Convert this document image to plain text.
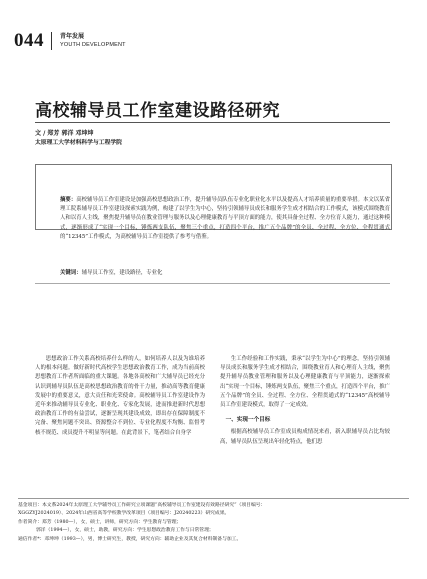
044	青年发展
YOUTH DEVELOPMENT
高校辅导员工作室建设路径研究
文 / 郑芳 郭洋 邓坤坤
太原理工大学材料科学与工程学院
摘要：高校辅导员工作室建设是加强高校思想政治工作，提升辅导员队伍专业化职业化水平以及提高人才培养质量的重要举措。本文以某省理工院系辅导员工作室建设探索实践为例，构建了以学生为中心，坚持引领辅导员成长和服务学生成才相结合的工作模式，该模式围绕教育人和以育人主线，聚焦提升辅导员在教业管理与服务以及心理健康教育与平顶方面的能力，使其具备全过程、全方位育人能力，通过这种模式，逐渐形成了“实现一个目标，锤炼两支队伍，聚焦三个重点，打造四个平台，推广五个品牌”的全员、全过程、全方位、全程贯通式的“12345”工作模式，为高校辅导员工作室提供了参考与借鉴。
关键词：辅导员工作室，建设路径，专业化

思想政治工作关系高校培养什么样的人，如何培养人以及为谁培养人的根本问题。做好新时代高校学生思想政治教育工作，成为当前高校思想教育工作者所面临的重大课题。各地各高校和广大辅导员已经充分认识到辅导员队伍是高校思想政治教育的骨干力量，推动高等教育健康发展中的重要意义，意大贡任和光荣使命。高校辅导员工作室建设作为近年来推动辅导员专业化、职业化、专家化发展，进而推进新时代思想政治教育工作的有益尝试，逐渐呈现其建设成效，即出存在保障制度不完备、聚焦问题不突出、资源整合不到位、专业化程度不均衡、监督考核不规范、成员提升不明显等问题。在此背景下，笔者结合自身学

生工作经验和工作实践，秉承“以学生为中心”的理念，坚持引领辅导员成长和服务学生成才相结合，围绕教业育人和心理育人主线，聚焦提升辅导员教业管理和服务以及心理健康教育与平顶能力，逐渐探索出“实现一个目标，锤炼两支队伍，聚焦三个重点，打造四个平台，推广五个品牌”的全员、全过程、全方位、全程贯通式的“12345”高校辅导员工作室建设模式，取得了一定成效。

一、实现一个目标

根据高校辅导员工作室成员构成情况来看，新入职辅导员占比均较高，辅导员队伍呈现出年轻化特点，他们思

基金项目：本文系2024年太原理工大学辅导员工作研究立项课题“高校辅导员工作室建设有效路径研究”（项目编号：
XGGZYJ2024019）、2024年山西省高等学校教学改革项目（项目编号：J20240223）研究成果。
作者简介：郑芳（1980—），女，硕士，讲师，研究方向：学生教育与管理；
郭洋（1994—），女，硕士，助教，研究方向：学生思想政治教育工作与日常管理；
通信作者*：邓坤坤（1993—），男，博士研究生，教授，研究方向：辅助企业及其复合材料制备与加工。
